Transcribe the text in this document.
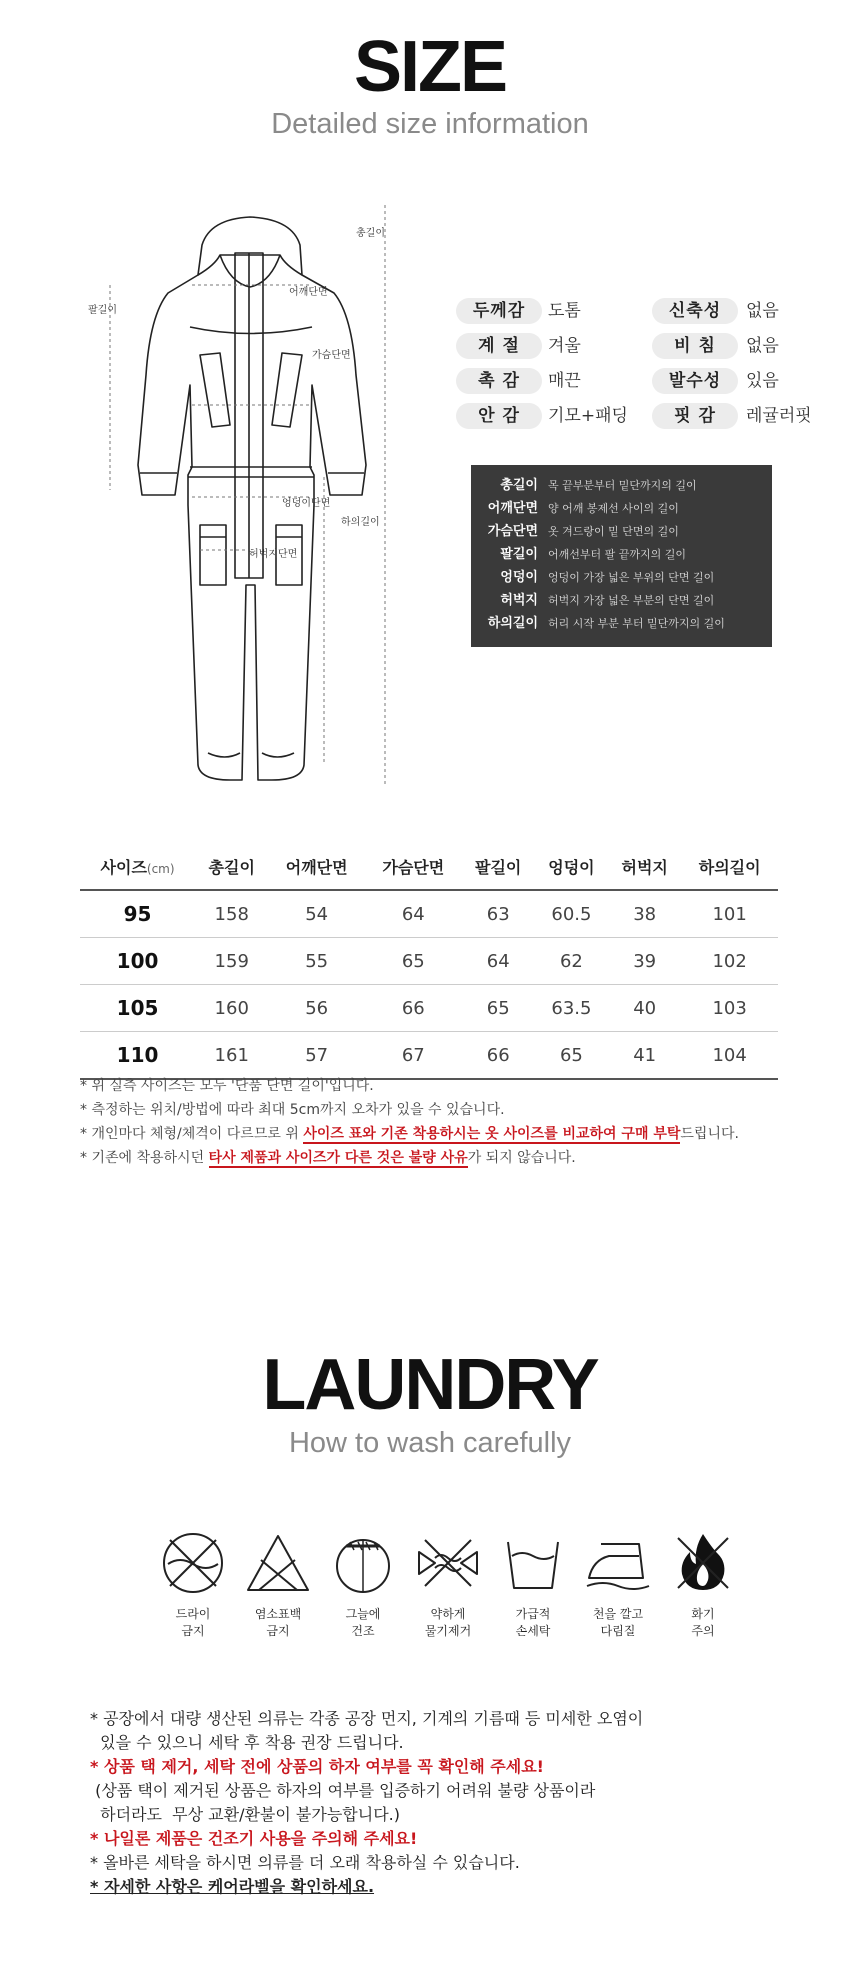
SIZE
Detailed size information
총길이
어깨단면
가슴단면
팔길이
엉덩이단면
허벅지단면
하의길이
두께감	도톰
계 절	겨울
촉 감	매끈
안 감	기모+패딩
신축성	없음
비 침	없음
발수성	있음
핏 감	레귤러핏
총길이 목 끝부분부터 밑단까지의 길이
어깨단면 양 어깨 봉제선 사이의 길이
가슴단면 옷 겨드랑이 밑 단면의 길이
팔길이 어깨선부터 팔 끝까지의 길이
엉덩이 엉덩이 가장 넓은 부위의 단면 길이
허벅지 허벅지 가장 넓은 부분의 단면 길이
하의길이 허리 시작 부분 부터 밑단까지의 길이
사이즈(cm)	총길이	어깨단면	가슴단면	팔길이	엉덩이	허벅지	하의길이
95	158	54	64	63	60.5	38	101
100	159	55	65	64	62	39	102
105	160	56	66	65	63.5	40	103
110	161	57	67	66	65	41	104
* 위 실측 사이즈는 모두 '단품 단면 길이'입니다.
* 측정하는 위치/방법에 따라 최대 5cm까지 오차가 있을 수 있습니다.
* 개인마다 체형/체격이 다르므로 위 사이즈 표와 기존 착용하시는 옷 사이즈를 비교하여 구매 부탁드립니다.
* 기존에 착용하시던 타사 제품과 사이즈가 다른 것은 불량 사유가 되지 않습니다.
LAUNDRY
How to wash carefully
드라이
금지
염소표백
금지
그늘에
건조
약하게
물기제거
가급적
손세탁
천을 깔고
다림질
화기
주의
* 공장에서 대량 생산된 의류는 각종 공장 먼지, 기계의 기름때 등 미세한 오염이
있을 수 있으니 세탁 후 착용 권장 드립니다.
* 상품 택 제거, 세탁 전에 상품의 하자 여부를 꼭 확인해 주세요!
(상품 택이 제거된 상품은 하자의 여부를 입증하기 어려워 불량 상품이라
하더라도  무상 교환/환불이 불가능합니다.)
* 나일론 제품은 건조기 사용을 주의해 주세요!
* 올바른 세탁을 하시면 의류를 더 오래 착용하실 수 있습니다.
* 자세한 사항은 케어라벨을 확인하세요.
